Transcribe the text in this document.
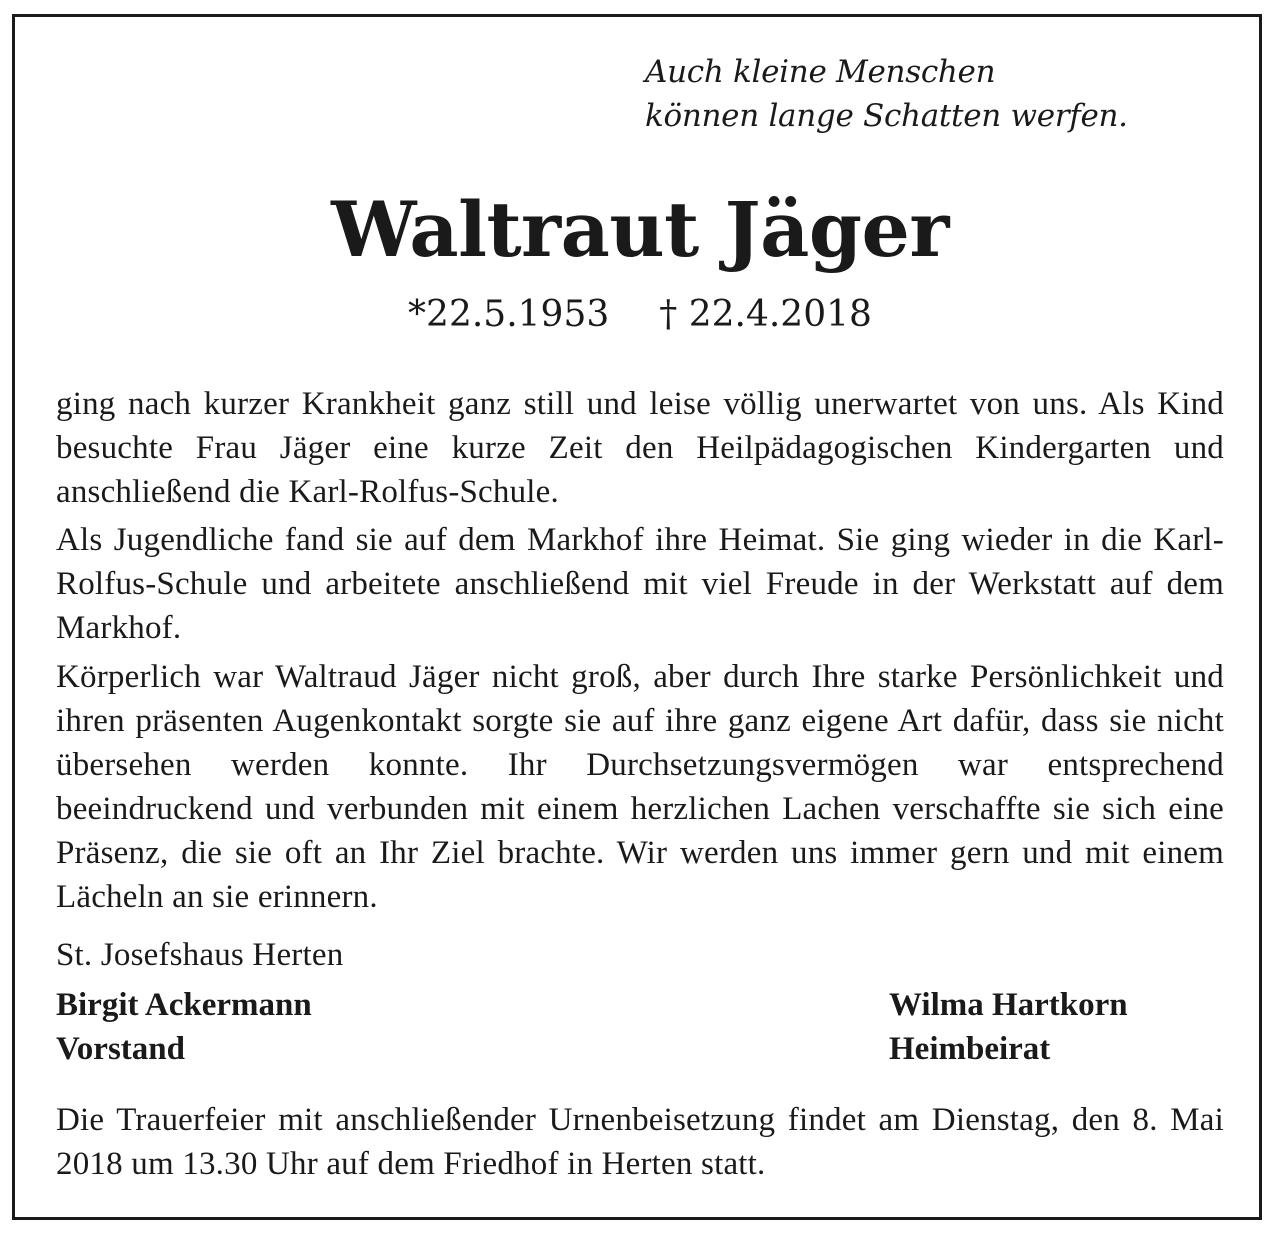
Auch kleine Menschen
können lange Schatten werfen.
Waltraut Jäger
*22.5.1953 † 22.4.2018
ging nach kurzer Krankheit ganz still und leise völlig unerwartet von uns. Als Kind besuchte Frau Jäger eine kurze Zeit den Heilpädagogischen Kindergarten und anschließend die Karl-Rolfus-Schule.
Als Jugendliche fand sie auf dem Markhof ihre Heimat. Sie ging wieder in die Karl-Rolfus-Schule und arbeitete anschließend mit viel Freude in der Werkstatt auf dem Markhof.
Körperlich war Waltraud Jäger nicht groß, aber durch Ihre starke Persönlichkeit und ihren präsenten Augenkontakt sorgte sie auf ihre ganz eigene Art dafür, dass sie nicht übersehen werden konnte. Ihr Durchsetzungsvermögen war entsprechend beeindruckend und verbunden mit einem herzlichen Lachen verschaffte sie sich eine Präsenz, die sie oft an Ihr Ziel brachte. Wir werden uns immer gern und mit einem Lächeln an sie erinnern.
St. Josefshaus Herten
Birgit Ackermann
Vorstand
Wilma Hartkorn
Heimbeirat
Die Trauerfeier mit anschließender Urnenbeisetzung findet am Dienstag, den 8. Mai 2018 um 13.30 Uhr auf dem Friedhof in Herten statt.
